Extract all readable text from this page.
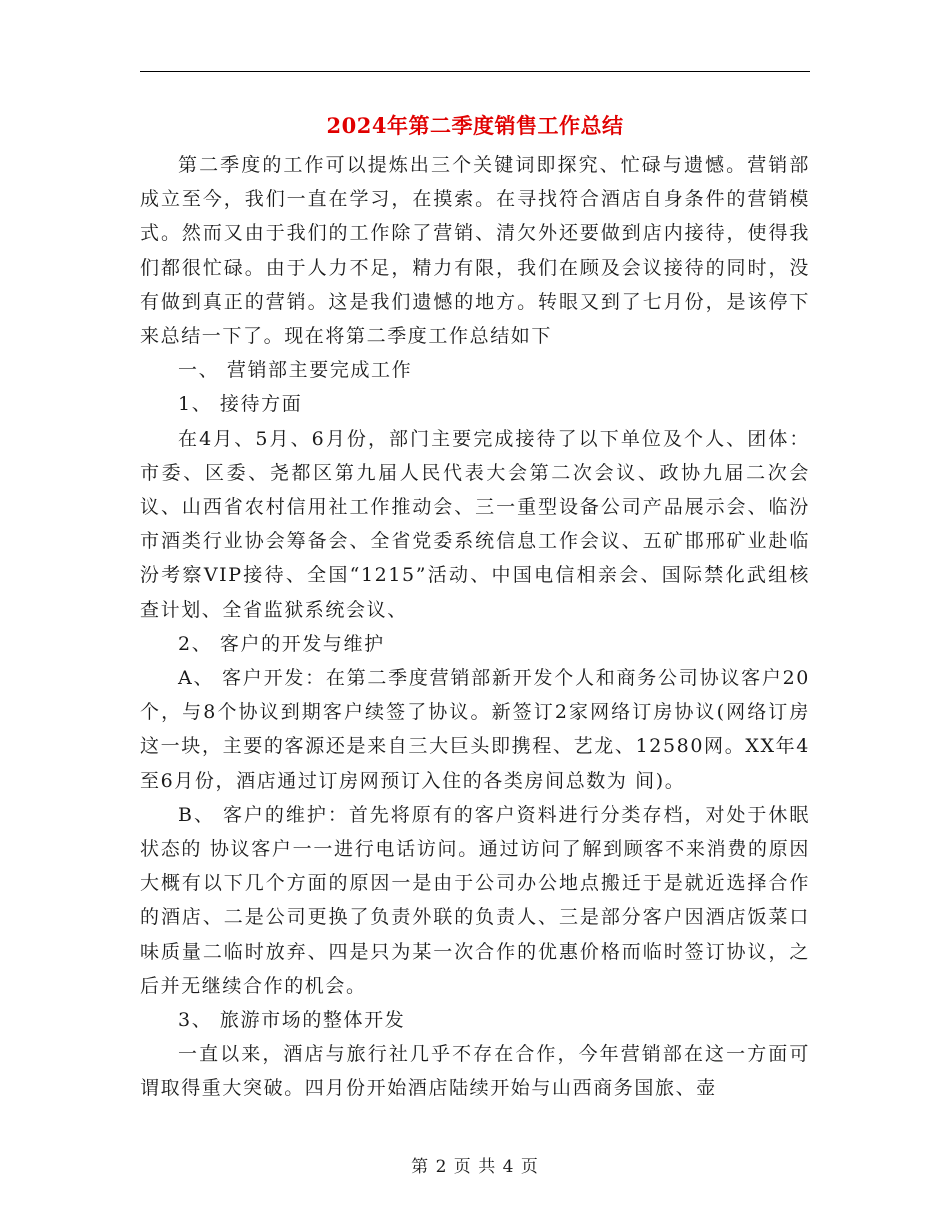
2024年第二季度销售工作总结

第二季度的工作可以提炼出三个关键词即探究、忙碌与遗憾。营销部成立至今，我们一直在学习，在摸索。在寻找符合酒店自身条件的营销模式。然而又由于我们的工作除了营销、清欠外还要做到店内接待，使得我们都很忙碌。由于人力不足，精力有限，我们在顾及会议接待的同时，没有做到真正的营销。这是我们遗憾的地方。转眼又到了七月份，是该停下来总结一下了。现在将第二季度工作总结如下

一、 营销部主要完成工作

1、 接待方面

在4月、5月、6月份，部门主要完成接待了以下单位及个人、团体：市委、区委、尧都区第九届人民代表大会第二次会议、政协九届二次会议、山西省农村信用社工作推动会、三一重型设备公司产品展示会、临汾市酒类行业协会筹备会、全省党委系统信息工作会议、五矿邯邢矿业赴临汾考察VIP接待、全国“1215”活动、中国电信相亲会、国际禁化武组核查计划、全省监狱系统会议、

2、 客户的开发与维护

A、 客户开发：在第二季度营销部新开发个人和商务公司协议客户20个，与8个协议到期客户续签了协议。新签订2家网络订房协议(网络订房这一块，主要的客源还是来自三大巨头即携程、艺龙、12580网。XX年4至6月份，酒店通过订房网预订入住的各类房间总数为 间)。

B、 客户的维护：首先将原有的客户资料进行分类存档，对处于休眠状态的 协议客户一一进行电话访问。通过访问了解到顾客不来消费的原因大概有以下几个方面的原因一是由于公司办公地点搬迁于是就近选择合作的酒店、二是公司更换了负责外联的负责人、三是部分客户因酒店饭菜口味质量二临时放弃、四是只为某一次合作的优惠价格而临时签订协议，之后并无继续合作的机会。

3、 旅游市场的整体开发

一直以来，酒店与旅行社几乎不存在合作，今年营销部在这一方面可谓取得重大突破。四月份开始酒店陆续开始与山西商务国旅、壶

第 2 页 共 4 页
